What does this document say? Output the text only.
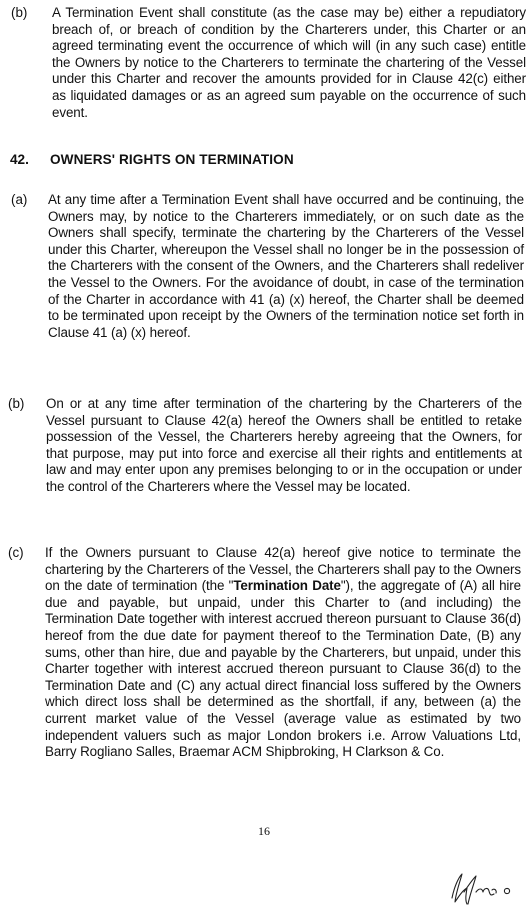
(b) A Termination Event shall constitute (as the case may be) either a repudiatory breach of, or breach of condition by the Charterers under, this Charter or an agreed terminating event the occurrence of which will (in any such case) entitle the Owners by notice to the Charterers to terminate the chartering of the Vessel under this Charter and recover the amounts provided for in Clause 42(c) either as liquidated damages or as an agreed sum payable on the occurrence of such event.
42. OWNERS' RIGHTS ON TERMINATION
(a) At any time after a Termination Event shall have occurred and be continuing, the Owners may, by notice to the Charterers immediately, or on such date as the Owners shall specify, terminate the chartering by the Charterers of the Vessel under this Charter, whereupon the Vessel shall no longer be in the possession of the Charterers with the consent of the Owners, and the Charterers shall redeliver the Vessel to the Owners. For the avoidance of doubt, in case of the termination of the Charter in accordance with 41 (a) (x) hereof, the Charter shall be deemed to be terminated upon receipt by the Owners of the termination notice set forth in Clause 41 (a) (x) hereof.
(b) On or at any time after termination of the chartering by the Charterers of the Vessel pursuant to Clause 42(a) hereof the Owners shall be entitled to retake possession of the Vessel, the Charterers hereby agreeing that the Owners, for that purpose, may put into force and exercise all their rights and entitlements at law and may enter upon any premises belonging to or in the occupation or under the control of the Charterers where the Vessel may be located.
(c) If the Owners pursuant to Clause 42(a) hereof give notice to terminate the chartering by the Charterers of the Vessel, the Charterers shall pay to the Owners on the date of termination (the "Termination Date"), the aggregate of (A) all hire due and payable, but unpaid, under this Charter to (and including) the Termination Date together with interest accrued thereon pursuant to Clause 36(d) hereof from the due date for payment thereof to the Termination Date, (B) any sums, other than hire, due and payable by the Charterers, but unpaid, under this Charter together with interest accrued thereon pursuant to Clause 36(d) to the Termination Date and (C) any actual direct financial loss suffered by the Owners which direct loss shall be determined as the shortfall, if any, between (a) the current market value of the Vessel (average value as estimated by two independent valuers such as major London brokers i.e. Arrow Valuations Ltd, Barry Rogliano Salles, Braemar ACM Shipbroking, H Clarkson & Co.
16
